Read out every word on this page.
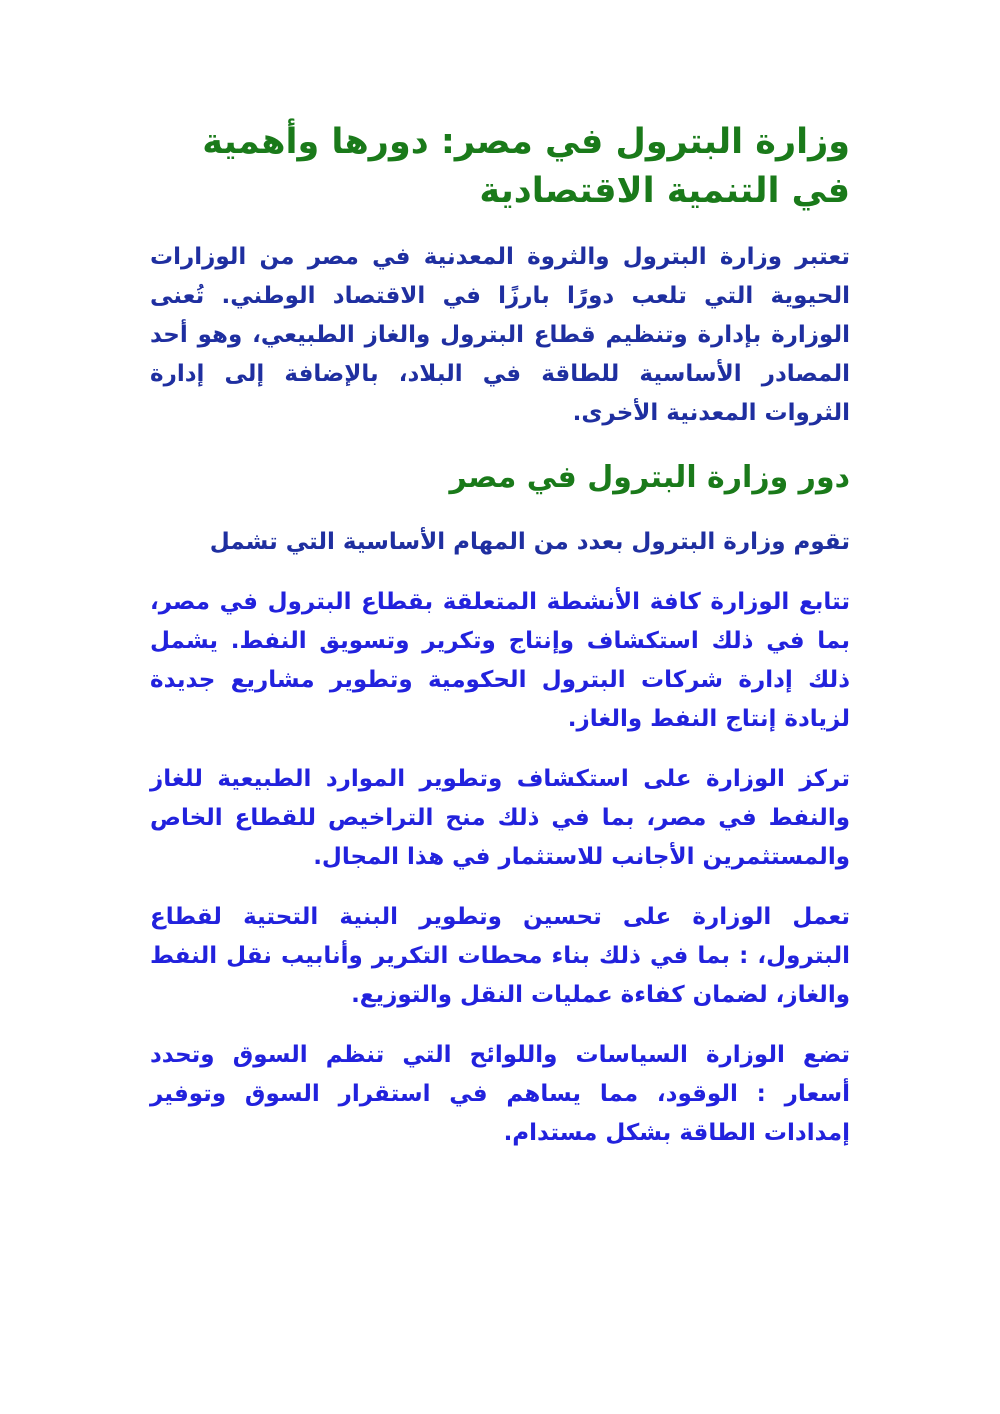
وزارة البترول في مصر: دورها وأهمية في التنمية الاقتصادية

تعتبر وزارة البترول والثروة المعدنية في مصر من الوزارات الحيوية التي تلعب دورًا بارزًا في الاقتصاد الوطني. تُعنى الوزارة بإدارة وتنظيم قطاع البترول والغاز الطبيعي، وهو أحد المصادر الأساسية للطاقة في البلاد، بالإضافة إلى إدارة الثروات المعدنية الأخرى.

دور وزارة البترول في مصر

تقوم وزارة البترول بعدد من المهام الأساسية التي تشمل

تتابع الوزارة كافة الأنشطة المتعلقة بقطاع البترول في مصر، بما في ذلك استكشاف وإنتاج وتكرير وتسويق النفط. يشمل ذلك إدارة شركات البترول الحكومية وتطوير مشاريع جديدة لزيادة إنتاج النفط والغاز.

تركز الوزارة على استكشاف وتطوير الموارد الطبيعية للغاز والنفط في مصر، بما في ذلك منح التراخيص للقطاع الخاص والمستثمرين الأجانب للاستثمار في هذا المجال.

تعمل الوزارة على تحسين وتطوير البنية التحتية لقطاع البترول، : بما في ذلك بناء محطات التكرير وأنابيب نقل النفط والغاز، لضمان كفاءة عمليات النقل والتوزيع.

تضع الوزارة السياسات واللوائح التي تنظم السوق وتحدد أسعار : الوقود، مما يساهم في استقرار السوق وتوفير إمدادات الطاقة بشكل مستدام.
